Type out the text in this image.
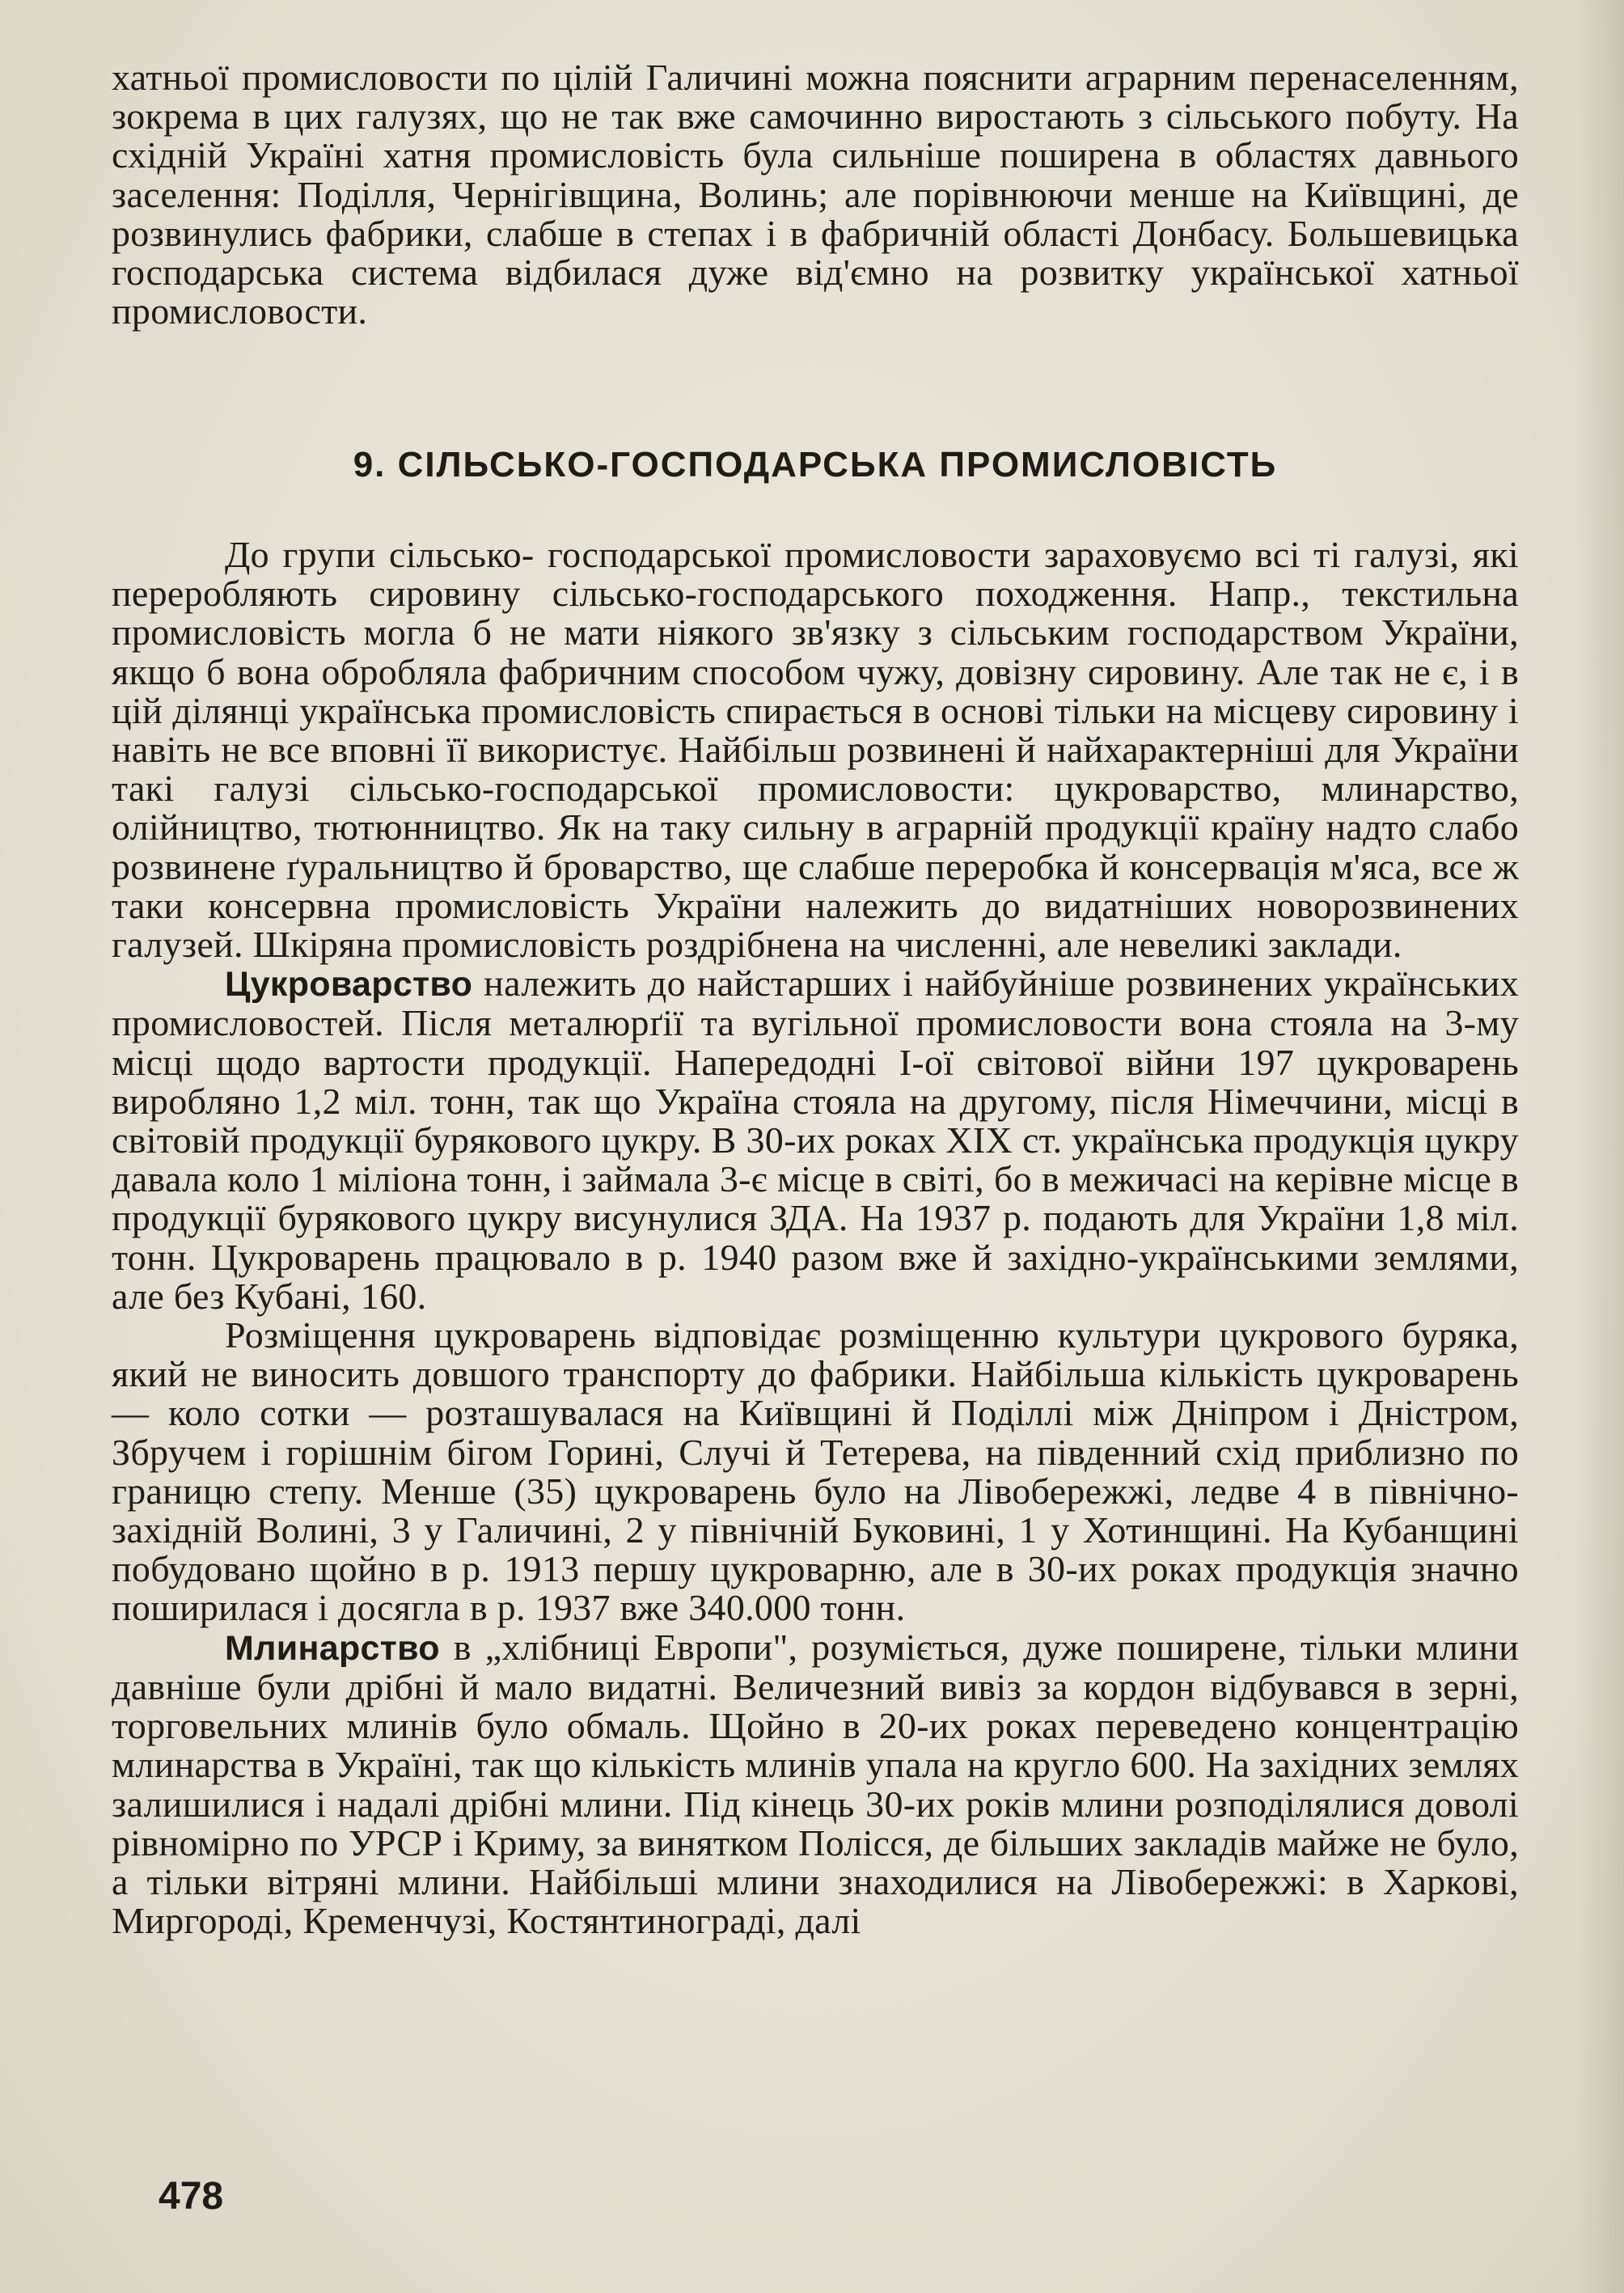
хатньої промисловости по цілій Галичині можна пояснити аграрним перенаселенням, зокрема в цих галузях, що не так вже самочинно виростають з сільського побуту. На східній Україні хатня промисловість була сильніше поширена в областях давнього заселення: Поділля, Чернігівщина, Волинь; але порівнюючи менше на Київщині, де розвинулись фабрики, слабше в степах і в фабричній області Донбасу. Большевицька господарська система відбилася дуже від'ємно на розвитку української хатньої промисловости.

9. СІЛЬСЬКО-ГОСПОДАРСЬКА ПРОМИСЛОВІСТЬ

До групи сільсько- господарської промисловости зараховуємо всі ті галузі, які переробляють сировину сільсько-господарського походження. Напр., текстильна промисловість могла б не мати ніякого зв'язку з сільським господарством України, якщо б вона обробляла фабричним способом чужу, довізну сировину. Але так не є, і в цій ділянці українська промисловість спирається в основі тільки на місцеву сировину і навіть не все вповні її використує. Найбільш розвинені й найхарактерніші для України такі галузі сільсько-господарської промисловости: цукроварство, млинарство, олійництво, тютюнництво. Як на таку сильну в аграрній продукції країну надто слабо розвинене ґуральництво й броварство, ще слабше переробка й консервація м'яса, все ж таки консервна промисловість України належить до видатніших новорозвинених галузей. Шкіряна промисловість роздрібнена на численні, але невеликі заклади.

Цукроварство належить до найстарших і найбуйніше розвинених українських промисловостей. Після металюрґії та вугільної промисловости вона стояла на 3-му місці щодо вартости продукції. Напередодні І-ої світової війни 197 цукроварень виробляно 1,2 міл. тонн, так що Україна стояла на другому, після Німеччини, місці в світовій продукції бурякового цукру. В 30-их роках ХІХ ст. українська продукція цукру давала коло 1 міліона тонн, і займала 3-є місце в світі, бо в межичасі на керівне місце в продукції бурякового цукру висунулися ЗДА. На 1937 р. подають для України 1,8 міл. тонн. Цукроварень працювало в р. 1940 разом вже й західно-українськими землями, але без Кубані, 160.

Розміщення цукроварень відповідає розміщенню культури цукрового буряка, який не виносить довшого транспорту до фабрики. Найбільша кількість цукроварень — коло сотки — розташувалася на Київщині й Поділлі між Дніпром і Дністром, Збручем і горішнім бігом Горині, Случі й Тетерева, на південний схід приблизно по границю степу. Менше (35) цукроварень було на Лівобережжі, ледве 4 в північно-західній Волині, 3 у Галичині, 2 у північній Буковині, 1 у Хотинщині. На Кубанщині побудовано щойно в р. 1913 першу цукроварню, але в 30-их роках продукція значно поширилася і досягла в р. 1937 вже 340.000 тонн.

Млинарство в „хлібниці Европи", розуміється, дуже поширене, тільки млини давніше були дрібні й мало видатні. Величезний вивіз за кордон відбувався в зерні, торговельних млинів було обмаль. Щойно в 20-их роках переведено концентрацію млинарства в Україні, так що кількість млинів упала на кругло 600. На західних землях залишилися і надалі дрібні млини. Під кінець 30-их років млини розподілялися доволі рівномірно по УРСР і Криму, за винятком Полісся, де більших закладів майже не було, а тільки вітряні млини. Найбільші млини знаходилися на Лівобережжі: в Харкові, Миргороді, Кременчузі, Костянтинограді, далі

478
